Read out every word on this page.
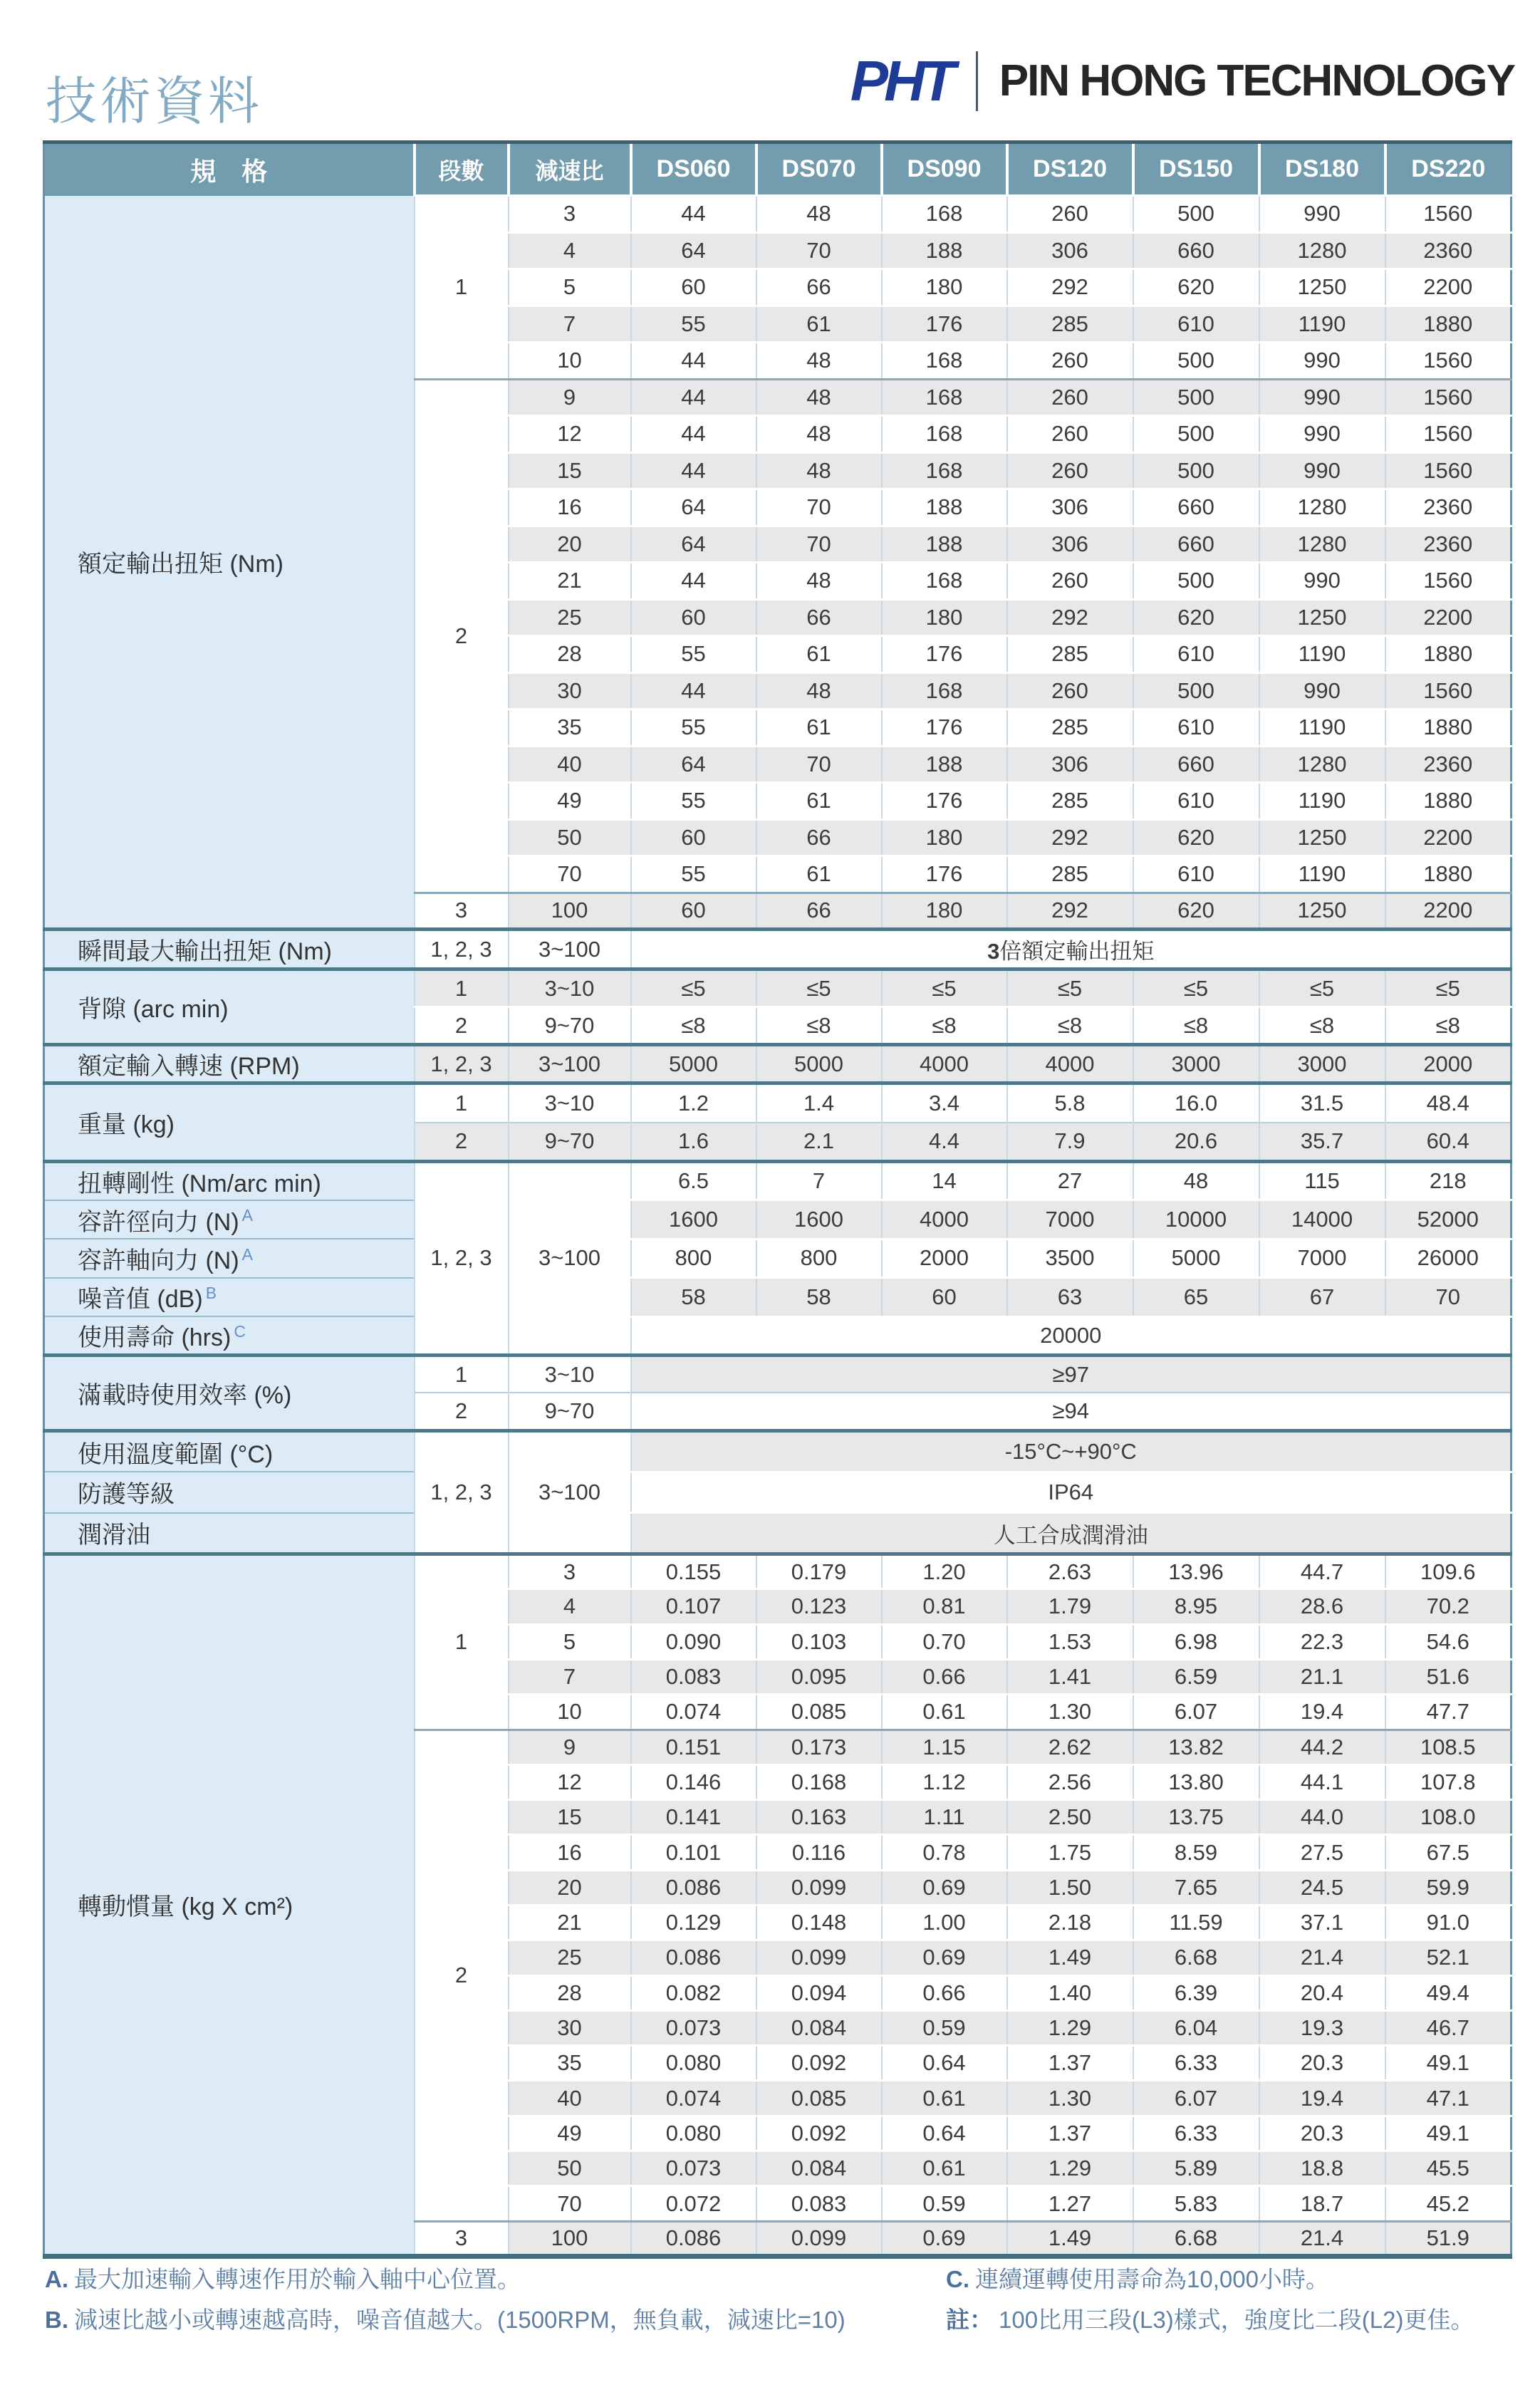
技術資料	PHT PIN HONG TECHNOLOGY
規　格	段數	減速比	DS060	DS070	DS090	DS120	DS150	DS180	DS220
額定輸出扭矩 (Nm)	1	3	44	48	168	260	500	990	1560
		4	64	70	188	306	660	1280	2360
		5	60	66	180	292	620	1250	2200
		7	55	61	176	285	610	1190	1880
		10	44	48	168	260	500	990	1560
	2	9	44	48	168	260	500	990	1560
		12	44	48	168	260	500	990	1560
		15	44	48	168	260	500	990	1560
		16	64	70	188	306	660	1280	2360
		20	64	70	188	306	660	1280	2360
		21	44	48	168	260	500	990	1560
		25	60	66	180	292	620	1250	2200
		28	55	61	176	285	610	1190	1880
		30	44	48	168	260	500	990	1560
		35	55	61	176	285	610	1190	1880
		40	64	70	188	306	660	1280	2360
		49	55	61	176	285	610	1190	1880
		50	60	66	180	292	620	1250	2200
		70	55	61	176	285	610	1190	1880
	3	100	60	66	180	292	620	1250	2200
瞬間最大輸出扭矩 (Nm)	1, 2, 3	3~100	3倍額定輸出扭矩						
背隙 (arc min)	1	3~10	≤5	≤5	≤5	≤5	≤5	≤5	≤5
	2	9~70	≤8	≤8	≤8	≤8	≤8	≤8	≤8
額定輸入轉速 (RPM)	1, 2, 3	3~100	5000	5000	4000	4000	3000	3000	2000
重量 (kg)	1	3~10	1.2	1.4	3.4	5.8	16.0	31.5	48.4
	2	9~70	1.6	2.1	4.4	7.9	20.6	35.7	60.4
扭轉剛性 (Nm/arc min)	1, 2, 3	3~100	6.5	7	14	27	48	115	218
容許徑向力 (N) $^A$			1600	1600	4000	7000	10000	14000	52000
容許軸向力 (N) $^A$			800	800	2000	3500	5000	7000	26000
噪音值 (dB) $^B$			58	58	60	63	65	67	70
使用壽命 (hrs) $^C$			20000						
滿載時使用效率 (%)	1	3~10	≥97						
	2	9~70	≥94						
使用溫度範圍 (°C)	1, 2, 3	3~100	-15°C~+90°C						
防護等級			IP64						
潤滑油			人工合成潤滑油						
轉動慣量 (kg X cm²)	1	3	0.155	0.179	1.20	2.63	13.96	44.7	109.6
		4	0.107	0.123	0.81	1.79	8.95	28.6	70.2
		5	0.090	0.103	0.70	1.53	6.98	22.3	54.6
		7	0.083	0.095	0.66	1.41	6.59	21.1	51.6
		10	0.074	0.085	0.61	1.30	6.07	19.4	47.7
	2	9	0.151	0.173	1.15	2.62	13.82	44.2	108.5
		12	0.146	0.168	1.12	2.56	13.80	44.1	107.8
		15	0.141	0.163	1.11	2.50	13.75	44.0	108.0
		16	0.101	0.116	0.78	1.75	8.59	27.5	67.5
		20	0.086	0.099	0.69	1.50	7.65	24.5	59.9
		21	0.129	0.148	1.00	2.18	11.59	37.1	91.0
		25	0.086	0.099	0.69	1.49	6.68	21.4	52.1
		28	0.082	0.094	0.66	1.40	6.39	20.4	49.4
		30	0.073	0.084	0.59	1.29	6.04	19.3	46.7
		35	0.080	0.092	0.64	1.37	6.33	20.3	49.1
		40	0.074	0.085	0.61	1.30	6.07	19.4	47.1
		49	0.080	0.092	0.64	1.37	6.33	20.3	49.1
		50	0.073	0.084	0.61	1.29	5.89	18.8	45.5
		70	0.072	0.083	0.59	1.27	5.83	18.7	45.2
	3	100	0.086	0.099	0.69	1.49	6.68	21.4	51.9
A. 最大加速輸入轉速作用於輸入軸中心位置。
B. 減速比越小或轉速越高時，噪音值越大。(1500RPM，無負載，減速比=10)
C. 連續運轉使用壽命為10,000小時。
註： 100比用三段(L3)樣式，強度比二段(L2)更佳。
